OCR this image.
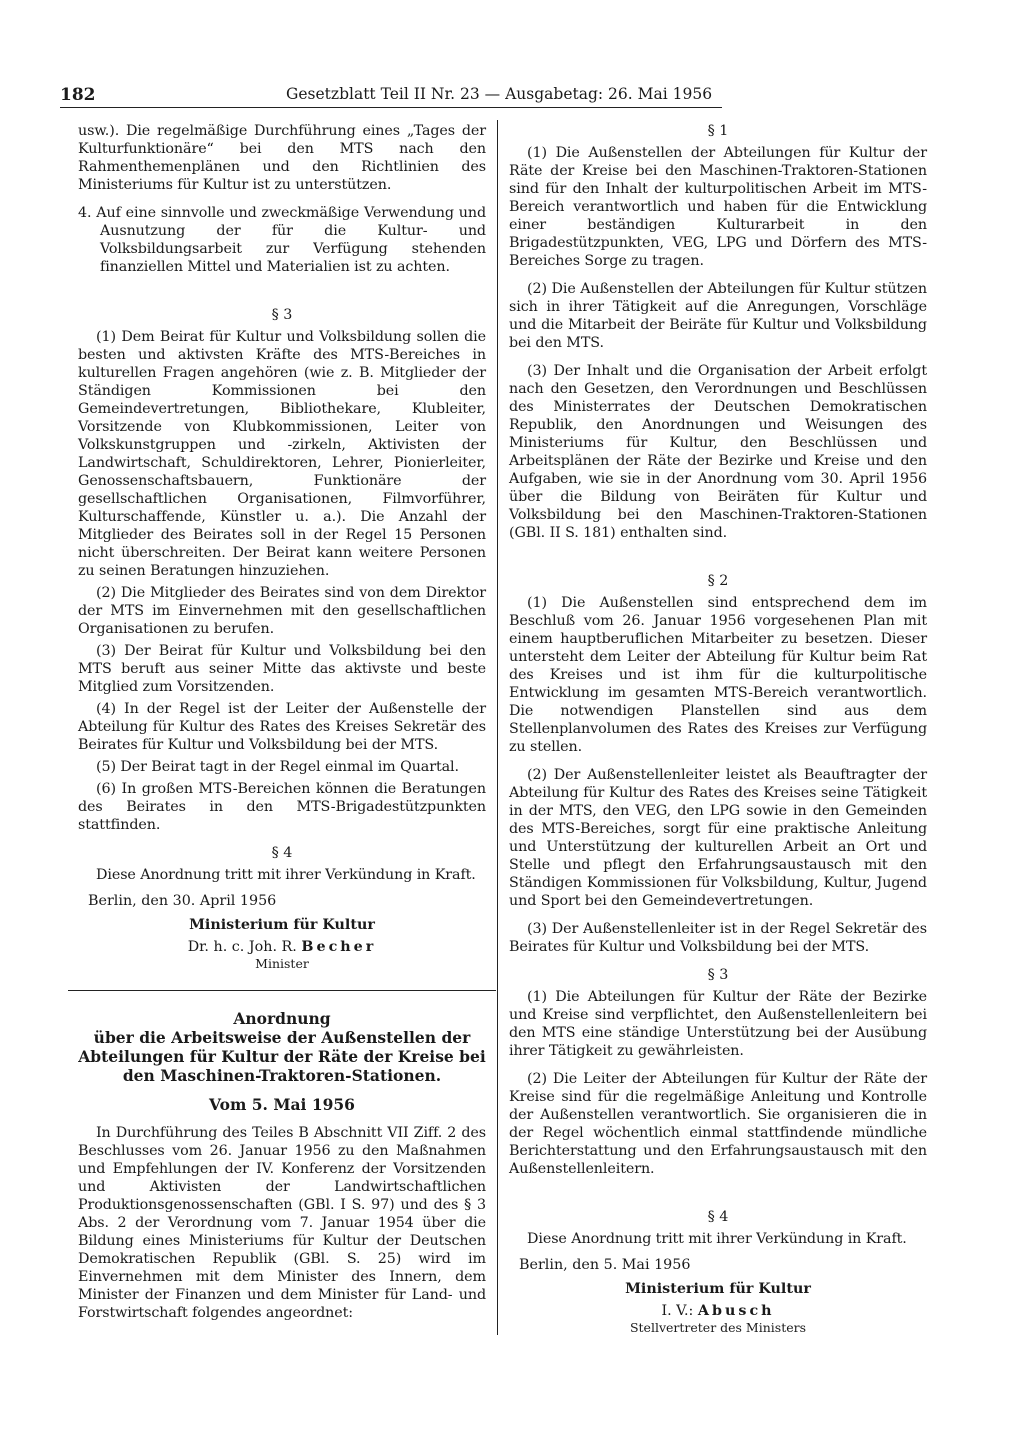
182	Gesetzblatt Teil II Nr. 23 — Ausgabetag: 26. Mai 1956

usw.). Die regelmäßige Durchführung eines „Tages der Kulturfunktionäre“ bei den MTS nach den Rahmenthemenplänen und den Richtlinien des Ministeriums für Kultur ist zu unterstützen.

4. Auf eine sinnvolle und zweckmäßige Verwendung und Ausnutzung der für die Kultur- und Volksbildungsarbeit zur Verfügung stehenden finanziellen Mittel und Materialien ist zu achten.

§ 3

(1) Dem Beirat für Kultur und Volksbildung sollen die besten und aktivsten Kräfte des MTS-Bereiches in kulturellen Fragen angehören (wie z. B. Mitglieder der Ständigen Kommissionen bei den Gemeindevertretungen, Bibliothekare, Klubleiter, Vorsitzende von Klubkommissionen, Leiter von Volkskunstgruppen und -zirkeln, Aktivisten der Landwirtschaft, Schuldirektoren, Lehrer, Pionierleiter, Genossenschaftsbauern, Funktionäre der gesellschaftlichen Organisationen, Filmvorführer, Kulturschaffende, Künstler u. a.). Die Anzahl der Mitglieder des Beirates soll in der Regel 15 Personen nicht überschreiten. Der Beirat kann weitere Personen zu seinen Beratungen hinzuziehen.

(2) Die Mitglieder des Beirates sind von dem Direktor der MTS im Einvernehmen mit den gesellschaftlichen Organisationen zu berufen.

(3) Der Beirat für Kultur und Volksbildung bei den MTS beruft aus seiner Mitte das aktivste und beste Mitglied zum Vorsitzenden.

(4) In der Regel ist der Leiter der Außenstelle der Abteilung für Kultur des Rates des Kreises Sekretär des Beirates für Kultur und Volksbildung bei der MTS.

(5) Der Beirat tagt in der Regel einmal im Quartal.

(6) In großen MTS-Bereichen können die Beratungen des Beirates in den MTS-Brigadestützpunkten stattfinden.

§ 4

Diese Anordnung tritt mit ihrer Verkündung in Kraft.

Berlin, den 30. April 1956
Ministerium für Kultur
Dr. h. c. Joh. R. Becher
Minister

Anordnung

über die Arbeitsweise der Außenstellen der Abteilungen für Kultur der Räte der Kreise bei den Maschinen-Traktoren-Stationen.

Vom 5. Mai 1956

In Durchführung des Teiles B Abschnitt VII Ziff. 2 des Beschlusses vom 26. Januar 1956 zu den Maßnahmen und Empfehlungen der IV. Konferenz der Vorsitzenden und Aktivisten der Landwirtschaftlichen Produktionsgenossenschaften (GBl. I S. 97) und des § 3 Abs. 2 der Verordnung vom 7. Januar 1954 über die Bildung eines Ministeriums für Kultur der Deutschen Demokratischen Republik (GBl. S. 25) wird im Einvernehmen mit dem Minister des Innern, dem Minister der Finanzen und dem Minister für Land- und Forstwirtschaft folgendes angeordnet:

§ 1

(1) Die Außenstellen der Abteilungen für Kultur der Räte der Kreise bei den Maschinen-Traktoren-Stationen sind für den Inhalt der kulturpolitischen Arbeit im MTS-Bereich verantwortlich und haben für die Entwicklung einer beständigen Kulturarbeit in den Brigadestützpunkten, VEG, LPG und Dörfern des MTS-Bereiches Sorge zu tragen.

(2) Die Außenstellen der Abteilungen für Kultur stützen sich in ihrer Tätigkeit auf die Anregungen, Vorschläge und die Mitarbeit der Beiräte für Kultur und Volksbildung bei den MTS.

(3) Der Inhalt und die Organisation der Arbeit erfolgt nach den Gesetzen, den Verordnungen und Beschlüssen des Ministerrates der Deutschen Demokratischen Republik, den Anordnungen und Weisungen des Ministeriums für Kultur, den Beschlüssen und Arbeitsplänen der Räte der Bezirke und Kreise und den Aufgaben, wie sie in der Anordnung vom 30. April 1956 über die Bildung von Beiräten für Kultur und Volksbildung bei den Maschinen-Traktoren-Stationen (GBl. II S. 181) enthalten sind.

§ 2

(1) Die Außenstellen sind entsprechend dem im Beschluß vom 26. Januar 1956 vorgesehenen Plan mit einem hauptberuflichen Mitarbeiter zu besetzen. Dieser untersteht dem Leiter der Abteilung für Kultur beim Rat des Kreises und ist ihm für die kulturpolitische Entwicklung im gesamten MTS-Bereich verantwortlich. Die notwendigen Planstellen sind aus dem Stellenplanvolumen des Rates des Kreises zur Verfügung zu stellen.

(2) Der Außenstellenleiter leistet als Beauftragter der Abteilung für Kultur des Rates des Kreises seine Tätigkeit in der MTS, den VEG, den LPG sowie in den Gemeinden des MTS-Bereiches, sorgt für eine praktische Anleitung und Unterstützung der kulturellen Arbeit an Ort und Stelle und pflegt den Erfahrungsaustausch mit den Ständigen Kommissionen für Volksbildung, Kultur, Jugend und Sport bei den Gemeindevertretungen.

(3) Der Außenstellenleiter ist in der Regel Sekretär des Beirates für Kultur und Volksbildung bei der MTS.

§ 3

(1) Die Abteilungen für Kultur der Räte der Bezirke und Kreise sind verpflichtet, den Außenstellenleitern bei den MTS eine ständige Unterstützung bei der Ausübung ihrer Tätigkeit zu gewährleisten.

(2) Die Leiter der Abteilungen für Kultur der Räte der Kreise sind für die regelmäßige Anleitung und Kontrolle der Außenstellen verantwortlich. Sie organisieren die in der Regel wöchentlich einmal stattfindende mündliche Berichterstattung und den Erfahrungsaustausch mit den Außenstellenleitern.

§ 4

Diese Anordnung tritt mit ihrer Verkündung in Kraft.

Berlin, den 5. Mai 1956
Ministerium für Kultur
I. V.: Abusch
Stellvertreter des Ministers
